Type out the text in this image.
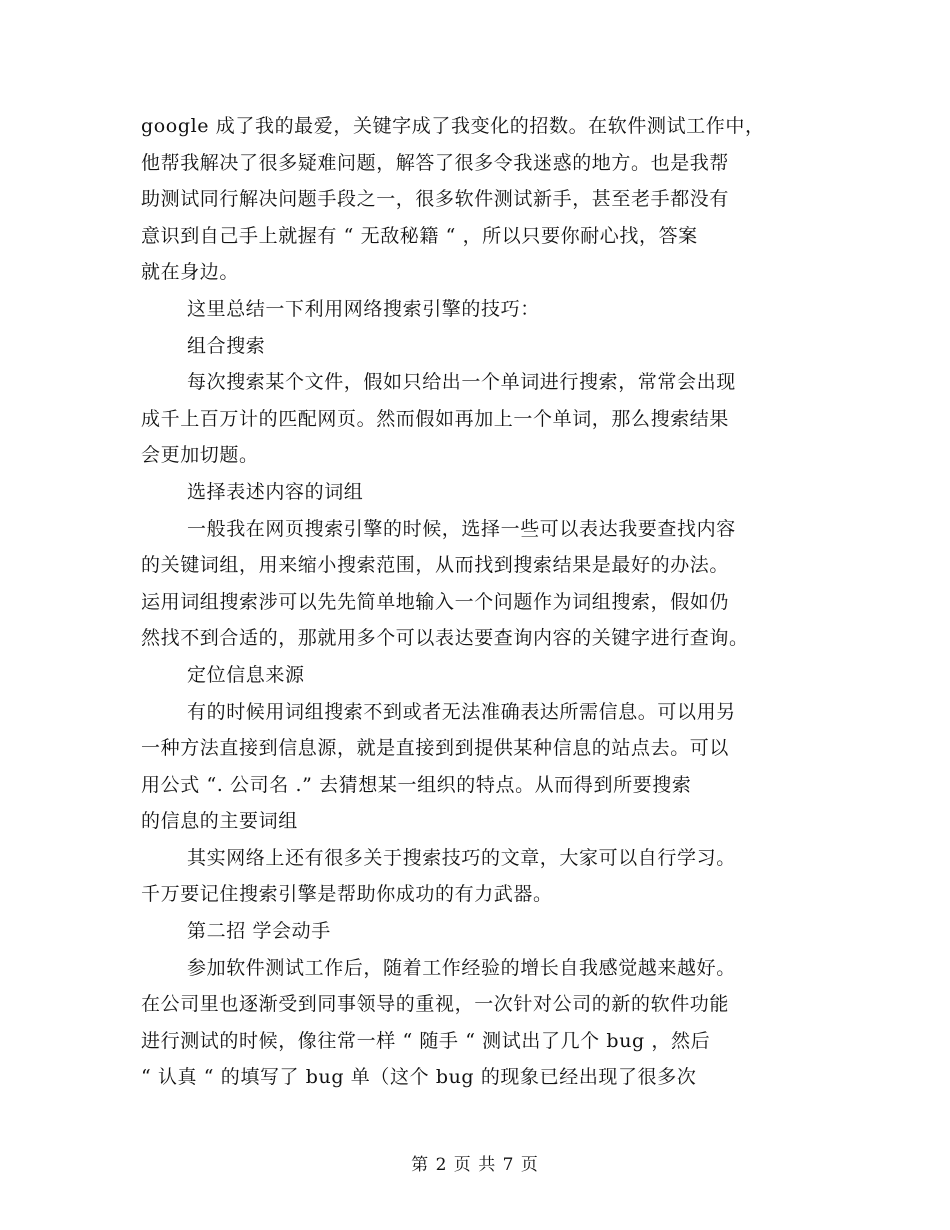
google 成了我的最爱，关键字成了我变化的招数。在软件测试工作中，
他帮我解决了很多疑难问题，解答了很多令我迷惑的地方。也是我帮
助测试同行解决问题手段之一，很多软件测试新手，甚至老手都没有
意识到自己手上就握有 “ 无敌秘籍 “ ，所以只要你耐心找，答案
就在身边。
这里总结一下利用网络搜索引擎的技巧：
组合搜索
每次搜索某个文件，假如只给出一个单词进行搜索，常常会出现
成千上百万计的匹配网页。然而假如再加上一个单词，那么搜索结果
会更加切题。
选择表述内容的词组
一般我在网页搜索引擎的时候，选择一些可以表达我要查找内容
的关键词组，用来缩小搜索范围，从而找到搜索结果是最好的办法。
运用词组搜索涉可以先先简单地输入一个问题作为词组搜索，假如仍
然找不到合适的，那就用多个可以表达要查询内容的关键字进行查询。
定位信息来源
有的时候用词组搜索不到或者无法准确表达所需信息。可以用另
一种方法直接到信息源，就是直接到到提供某种信息的站点去。可以
用公式 “. 公司名 .” 去猜想某一组织的特点。从而得到所要搜索
的信息的主要词组
其实网络上还有很多关于搜索技巧的文章，大家可以自行学习。
千万要记住搜索引擎是帮助你成功的有力武器。
第二招 学会动手
参加软件测试工作后，随着工作经验的增长自我感觉越来越好。
在公司里也逐渐受到同事领导的重视，一次针对公司的新的软件功能
进行测试的时候，像往常一样 “ 随手 “ 测试出了几个 bug ，然后
“ 认真 “ 的填写了 bug 单（这个 bug 的现象已经出现了很多次
第 2 页 共 7 页
